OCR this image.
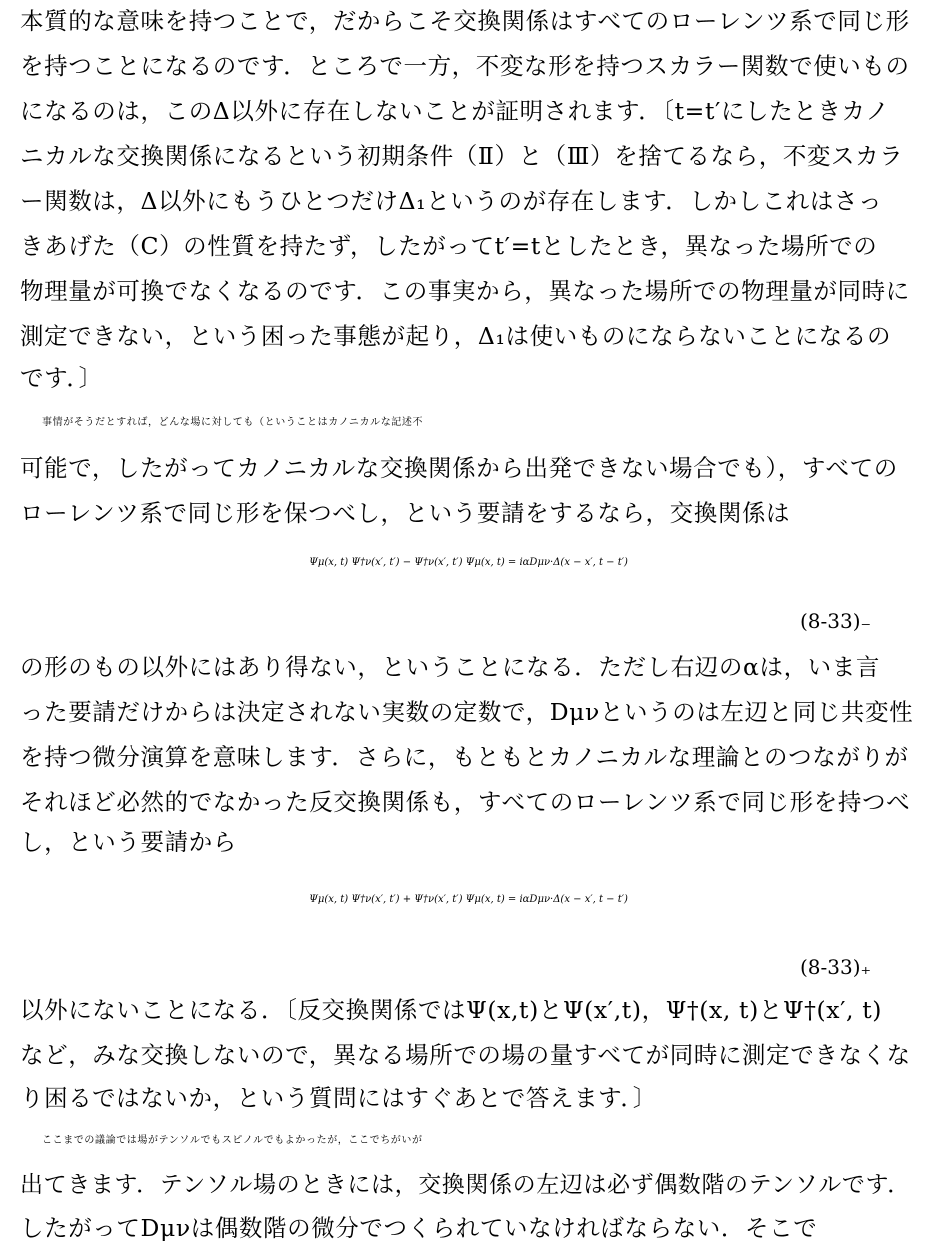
本質的な意味を持つことで，だからこそ交換関係はすべてのローレンツ系で同じ形
を持つことになるのです．ところで一方，不変な形を持つスカラー関数で使いもの
になるのは，このΔ以外に存在しないことが証明されます．〔t=t′にしたときカノ
ニカルな交換関係になるという初期条件（Ⅱ）と（Ⅲ）を捨てるなら，不変スカラ
ー関数は，Δ以外にもうひとつだけΔ₁というのが存在します．しかしこれはさっ
きあげた（C）の性質を持たず，したがってt′=tとしたとき，異なった場所での
物理量が可換でなくなるのです．この事実から，異なった場所での物理量が同時に
測定できない，という困った事態が起り，Δ₁は使いものにならないことになるの
です．〕
事情がそうだとすれば，どんな場に対しても（ということはカノニカルな記述不
可能で，したがってカノニカルな交換関係から出発できない場合でも），すべての
ローレンツ系で同じ形を保つべし，という要請をするなら，交換関係は
Ψμ(x, t) Ψ†ν(x′, t′) − Ψ†ν(x′, t′) Ψμ(x, t) = iαDμν·Δ(x − x′, t − t′)
(8-33)₋
の形のもの以外にはあり得ない，ということになる．ただし右辺のαは，いま言
った要請だけからは決定されない実数の定数で，Dμνというのは左辺と同じ共変性
を持つ微分演算を意味します．さらに，もともとカノニカルな理論とのつながりが
それほど必然的でなかった反交換関係も，すべてのローレンツ系で同じ形を持つべ
し，という要請から
Ψμ(x, t) Ψ†ν(x′, t′) + Ψ†ν(x′, t′) Ψμ(x, t) = iαDμν·Δ(x − x′, t − t′)
(8-33)₊
以外にないことになる．〔反交換関係ではΨ(x,t)とΨ(x′,t)，Ψ†(x, t)とΨ†(x′, t)
など，みな交換しないので，異なる場所での場の量すべてが同時に測定できなくな
り困るではないか，という質問にはすぐあとで答えます．〕
ここまでの議論では場がテンソルでもスピノルでもよかったが，ここでちがいが
出てきます．テンソル場のときには，交換関係の左辺は必ず偶数階のテンソルです．
したがってDμνは偶数階の微分でつくられていなければならない．そこで
